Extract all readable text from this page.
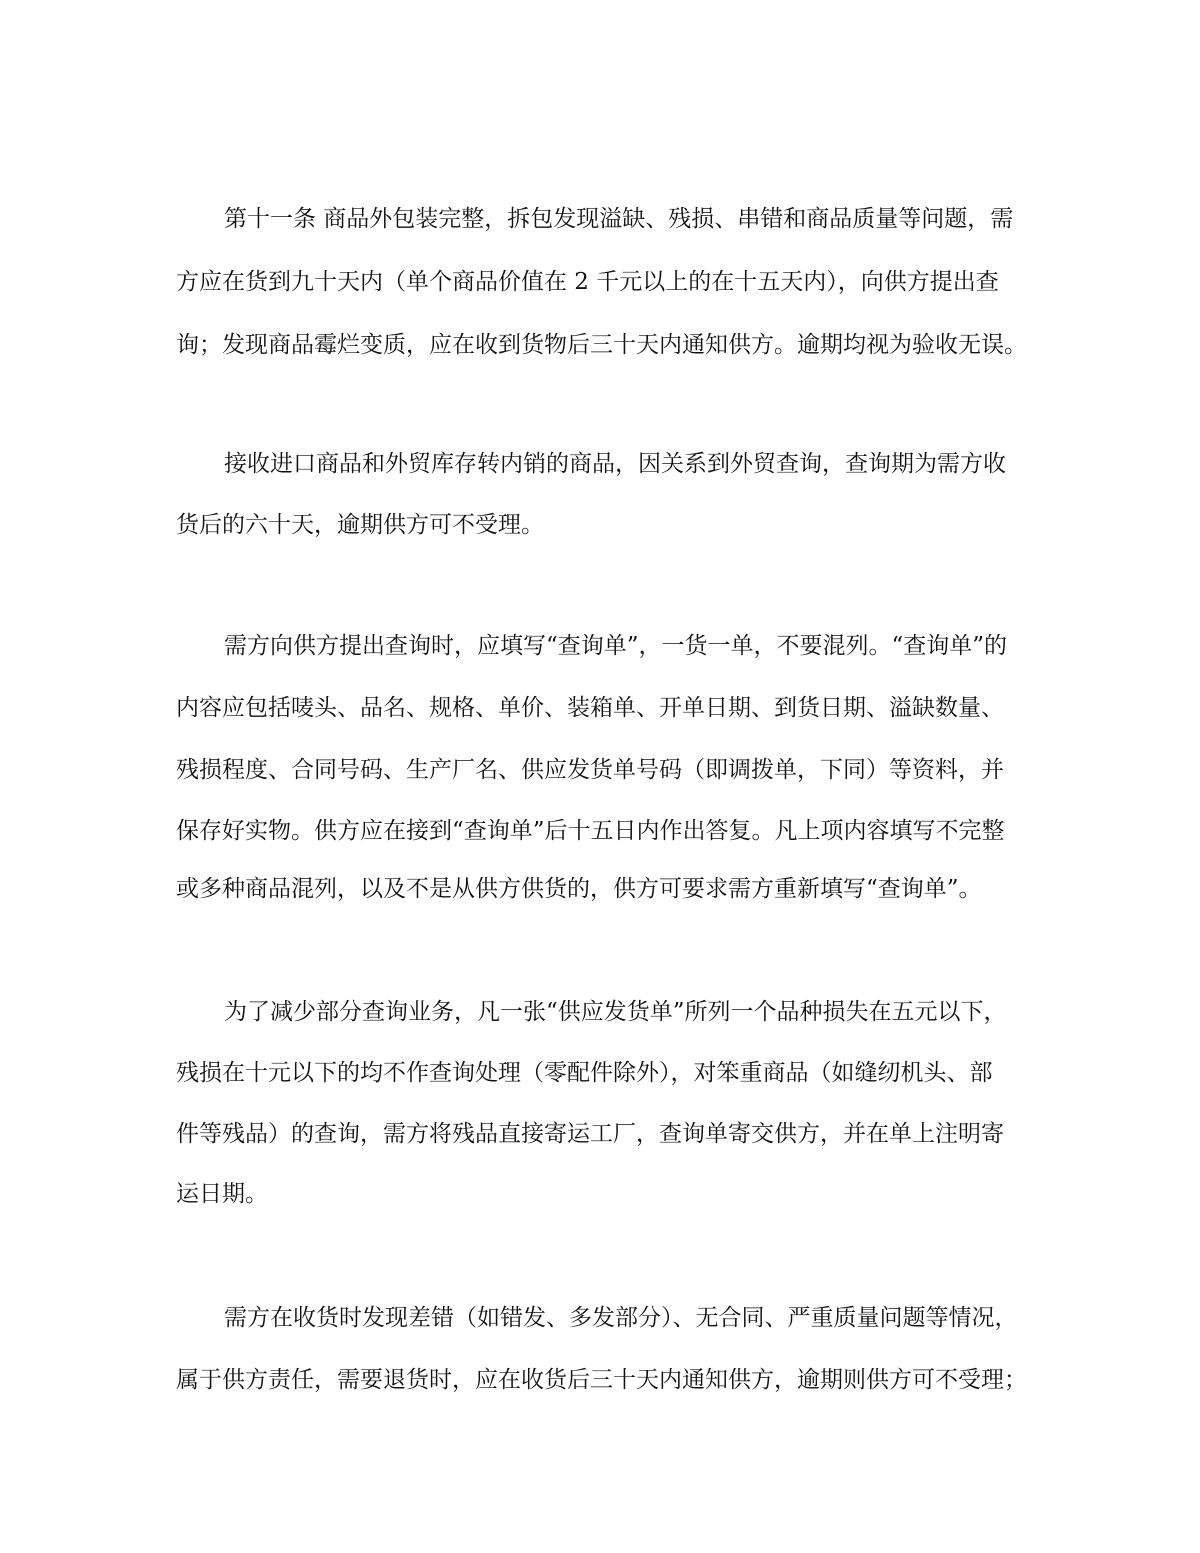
第十一条 商品外包装完整，拆包发现溢缺、残损、串错和商品质量等问题，需
方应在货到九十天内（单个商品价值在 2 千元以上的在十五天内），向供方提出查
询；发现商品霉烂变质，应在收到货物后三十天内通知供方。逾期均视为验收无误。
接收进口商品和外贸库存转内销的商品，因关系到外贸查询，查询期为需方收
货后的六十天，逾期供方可不受理。
需方向供方提出查询时，应填写“查询单”，一货一单，不要混列。“查询单”的
内容应包括唛头、品名、规格、单价、装箱单、开单日期、到货日期、溢缺数量、
残损程度、合同号码、生产厂名、供应发货单号码（即调拨单，下同）等资料，并
保存好实物。供方应在接到“查询单”后十五日内作出答复。凡上项内容填写不完整
或多种商品混列，以及不是从供方供货的，供方可要求需方重新填写“查询单”。
为了减少部分查询业务，凡一张“供应发货单”所列一个品种损失在五元以下，
残损在十元以下的均不作查询处理（零配件除外），对笨重商品（如缝纫机头、部
件等残品）的查询，需方将残品直接寄运工厂，查询单寄交供方，并在单上注明寄
运日期。
需方在收货时发现差错（如错发、多发部分）、无合同、严重质量问题等情况，
属于供方责任，需要退货时，应在收货后三十天内通知供方，逾期则供方可不受理；
